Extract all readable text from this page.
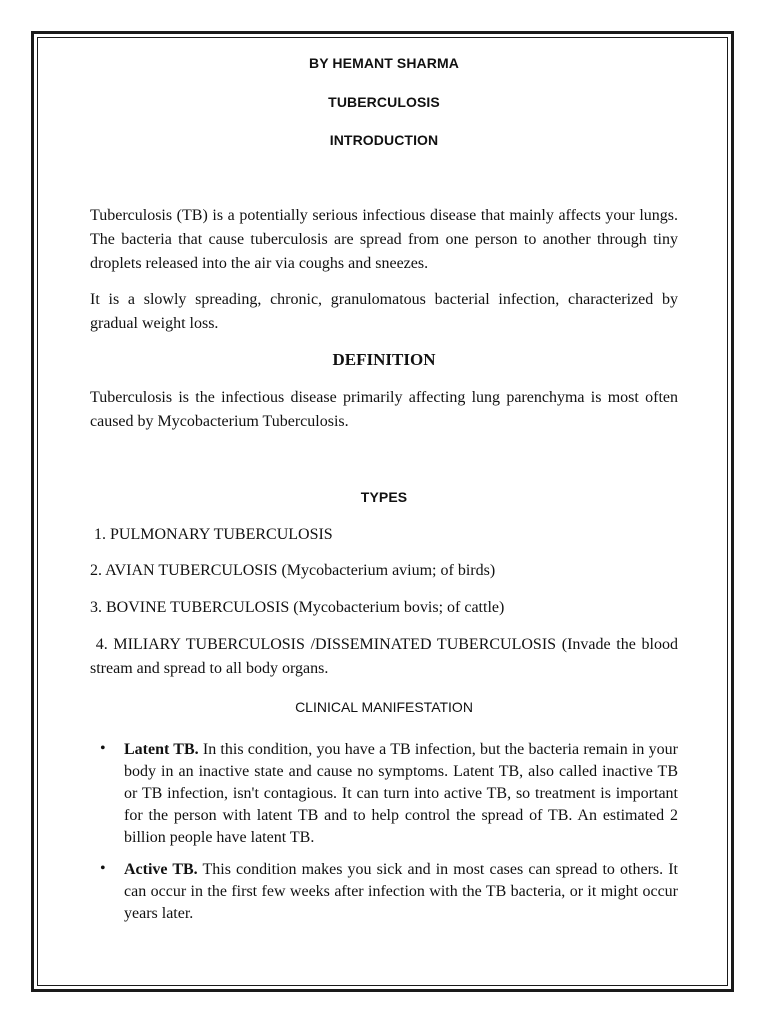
BY HEMANT SHARMA

TUBERCULOSIS

INTRODUCTION

Tuberculosis (TB) is a potentially serious infectious disease that mainly affects your lungs. The bacteria that cause tuberculosis are spread from one person to another through tiny droplets released into the air via coughs and sneezes.

It is a slowly spreading, chronic, granulomatous bacterial infection, characterized by gradual weight loss.

DEFINITION

Tuberculosis is the infectious disease primarily affecting lung parenchyma is most often caused by Mycobacterium Tuberculosis.

TYPES

1. PULMONARY TUBERCULOSIS

2. AVIAN TUBERCULOSIS (Mycobacterium avium; of birds)

3. BOVINE TUBERCULOSIS (Mycobacterium bovis; of cattle)

4. MILIARY TUBERCULOSIS /DISSEMINATED TUBERCULOSIS (Invade the blood stream and spread to all body organs.

CLINICAL MANIFESTATION

• Latent TB. In this condition, you have a TB infection, but the bacteria remain in your body in an inactive state and cause no symptoms. Latent TB, also called inactive TB or TB infection, isn't contagious. It can turn into active TB, so treatment is important for the person with latent TB and to help control the spread of TB. An estimated 2 billion people have latent TB.

• Active TB. This condition makes you sick and in most cases can spread to others. It can occur in the first few weeks after infection with the TB bacteria, or it might occur years later.
